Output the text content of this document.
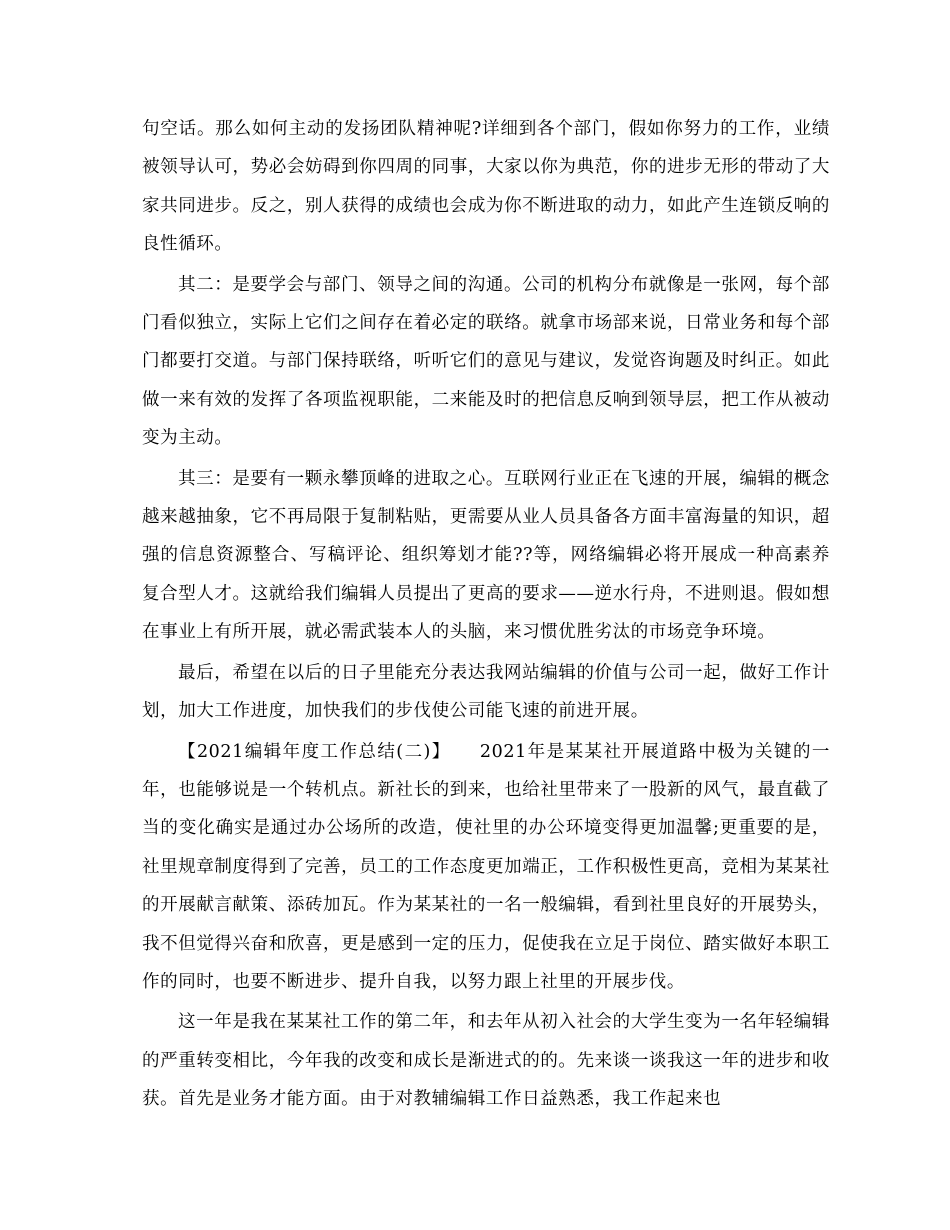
句空话。那么如何主动的发扬团队精神呢?详细到各个部门，假如你努力的工作，业绩被领导认可，势必会妨碍到你四周的同事，大家以你为典范，你的进步无形的带动了大家共同进步。反之，别人获得的成绩也会成为你不断进取的动力，如此产生连锁反响的良性循环。

其二：是要学会与部门、领导之间的沟通。公司的机构分布就像是一张网，每个部门看似独立，实际上它们之间存在着必定的联络。就拿市场部来说，日常业务和每个部门都要打交道。与部门保持联络，听听它们的意见与建议，发觉咨询题及时纠正。如此做一来有效的发挥了各项监视职能，二来能及时的把信息反响到领导层，把工作从被动变为主动。

其三：是要有一颗永攀顶峰的进取之心。互联网行业正在飞速的开展，编辑的概念越来越抽象，它不再局限于复制粘贴，更需要从业人员具备各方面丰富海量的知识，超强的信息资源整合、写稿评论、组织筹划才能??等，网络编辑必将开展成一种高素养复合型人才。这就给我们编辑人员提出了更高的要求——逆水行舟，不进则退。假如想在事业上有所开展，就必需武装本人的头脑，来习惯优胜劣汰的市场竞争环境。

最后，希望在以后的日子里能充分表达我网站编辑的价值与公司一起，做好工作计划，加大工作进度，加快我们的步伐使公司能飞速的前进开展。

【2021编辑年度工作总结(二)】　　2021年是某某社开展道路中极为关键的一年，也能够说是一个转机点。新社长的到来，也给社里带来了一股新的风气，最直截了当的变化确实是通过办公场所的改造，使社里的办公环境变得更加温馨;更重要的是，社里规章制度得到了完善，员工的工作态度更加端正，工作积极性更高，竞相为某某社的开展献言献策、添砖加瓦。作为某某社的一名一般编辑，看到社里良好的开展势头，我不但觉得兴奋和欣喜，更是感到一定的压力，促使我在立足于岗位、踏实做好本职工作的同时，也要不断进步、提升自我，以努力跟上社里的开展步伐。

这一年是我在某某社工作的第二年，和去年从初入社会的大学生变为一名年轻编辑的严重转变相比，今年我的改变和成长是渐进式的的。先来谈一谈我这一年的进步和收获。首先是业务才能方面。由于对教辅编辑工作日益熟悉，我工作起来也
